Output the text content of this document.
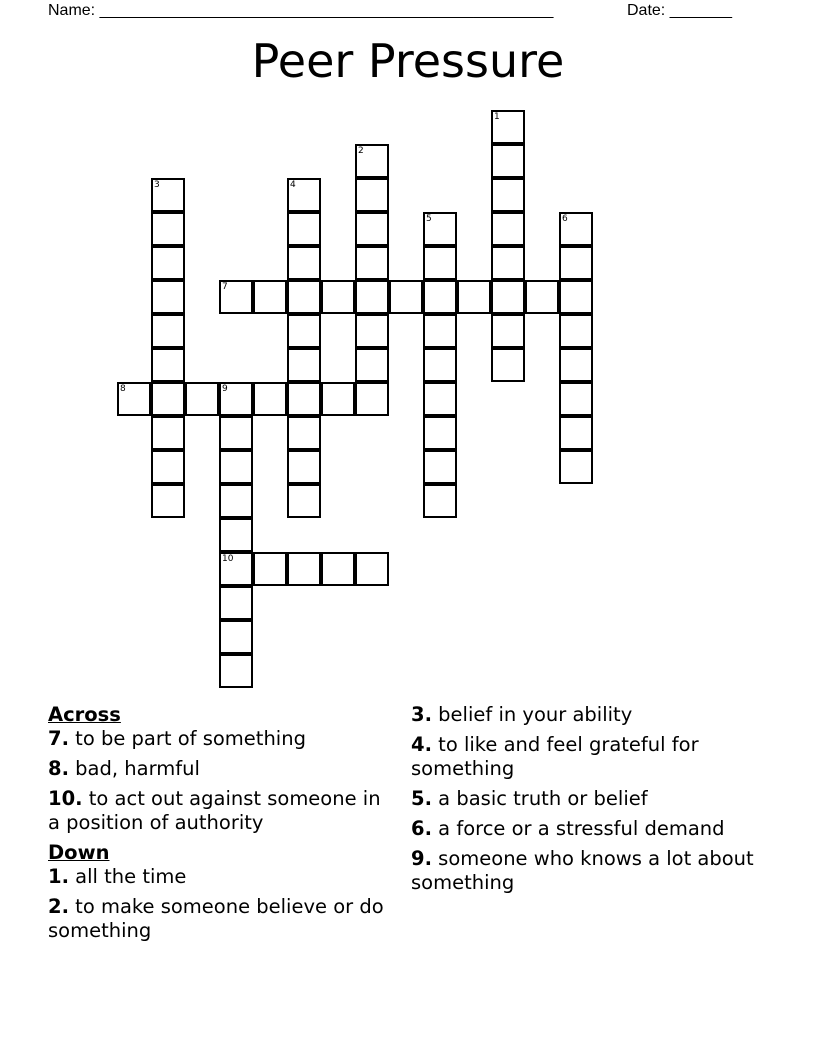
Name: ___________________________________________________	Date: _______
Peer Pressure
1
2
3	4
5	6
7
8	9
10
Across
7. to be part of something
8. bad, harmful
10. to act out against someone in a position of authority
Down
1. all the time
2. to make someone believe or do something
3. belief in your ability
4. to like and feel grateful for something
5. a basic truth or belief
6. a force or a stressful demand
9. someone who knows a lot about something
